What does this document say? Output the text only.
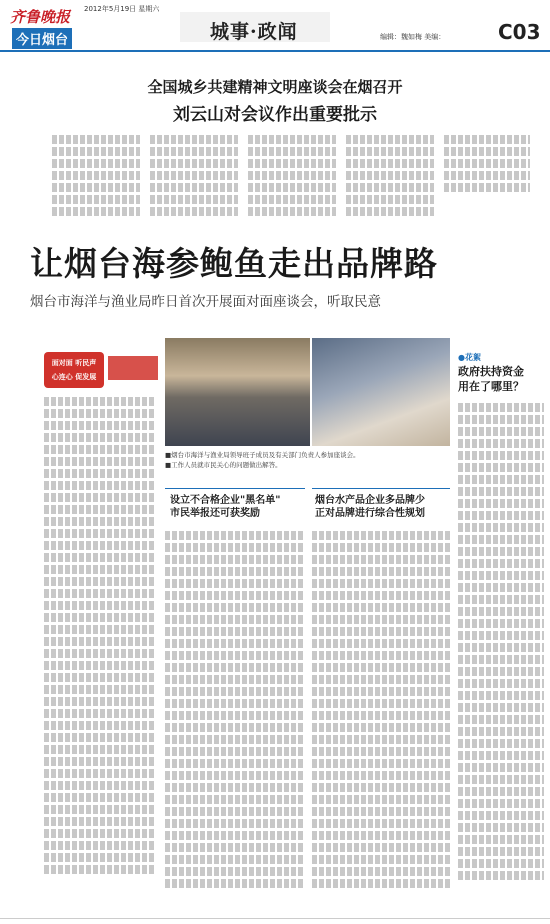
齐鲁晚报
今日烟台
2012年5月19日 星期六
城事·政闻	编辑：魏如梅 美编：	C03
全国城乡共建精神文明座谈会在烟召开
刘云山对会议作出重要批示
让烟台海参鲍鱼走出品牌路
烟台市海洋与渔业局昨日首次开展面对面座谈会，听取民意
面对面 听民声
心连心 促发展
■烟台市海洋与渔业局领导班子成员及有关部门负责人参加座谈会。
■工作人员就市民关心的问题做出解答。
设立不合格企业"黑名单"
市民举报还可获奖励
烟台水产品企业多品牌少
正对品牌进行综合性规划
●花絮
政府扶持资金
用在了哪里？
